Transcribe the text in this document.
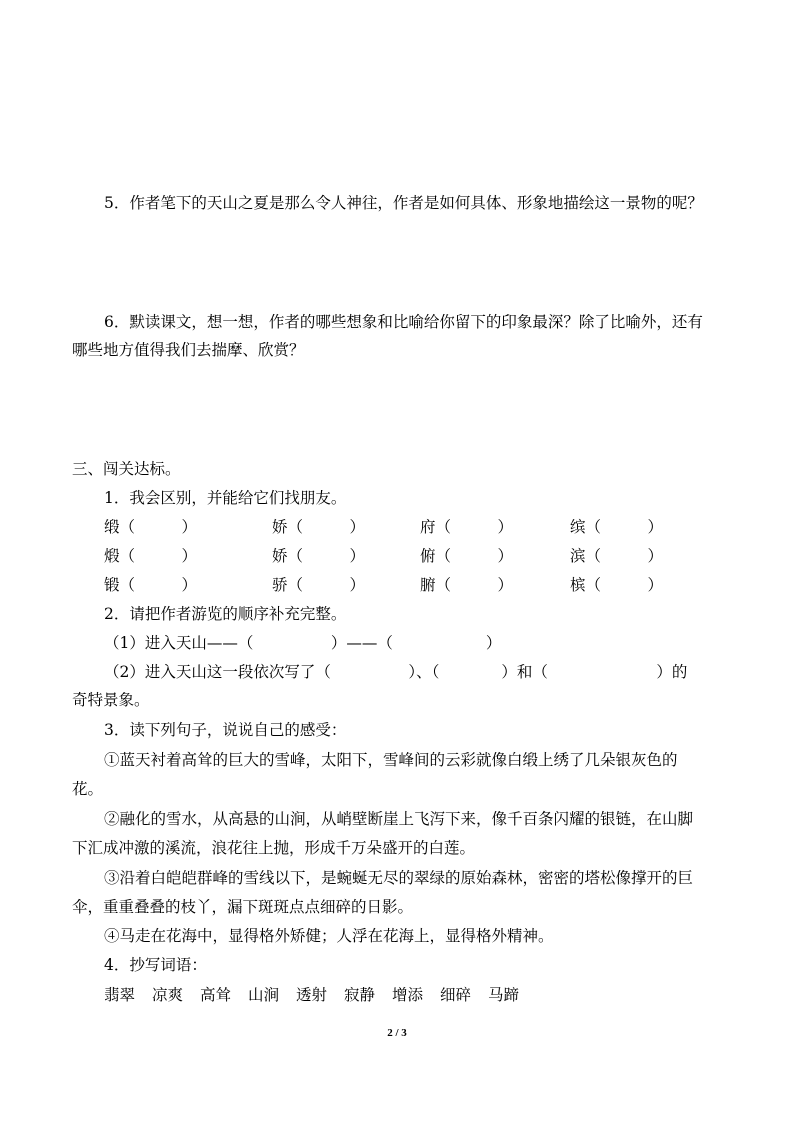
5．作者笔下的天山之夏是那么令人神往，作者是如何具体、形象地描绘这一景物的呢？
6．默读课文，想一想，作者的哪些想象和比喻给你留下的印象最深？除了比喻外，还有
哪些地方值得我们去揣摩、欣赏？
三、闯关达标。
1．我会区别，并能给它们找朋友。
缎（　　　）	娇（　　　）	府（　　　）	缤（　　　）
煅（　　　）	娇（　　　）	俯（　　　）	滨（　　　）
锻（　　　）	骄（　　　）	腑（　　　）	槟（　　　）
2．请把作者游览的顺序补充完整。
（1）进入天山——（　　　　　）——（　　　　　　）
（2）进入天山这一段依次写了（　　　　　）、（　　　　）和（　　　　　　　）的
奇特景象。
3．读下列句子，说说自己的感受：
①蓝天衬着高耸的巨大的雪峰，太阳下，雪峰间的云彩就像白缎上绣了几朵银灰色的
花。
②融化的雪水，从高悬的山涧，从峭壁断崖上飞泻下来，像千百条闪耀的银链，在山脚
下汇成冲激的溪流，浪花往上抛，形成千万朵盛开的白莲。
③沿着白皑皑群峰的雪线以下，是蜿蜒无尽的翠绿的原始森林，密密的塔松像撑开的巨
伞，重重叠叠的枝丫，漏下斑斑点点细碎的日影。
④马走在花海中，显得格外矫健；人浮在花海上，显得格外精神。
4．抄写词语：
翡翠 凉爽 高耸 山涧 透射 寂静 增添 细碎 马蹄
2 / 3
